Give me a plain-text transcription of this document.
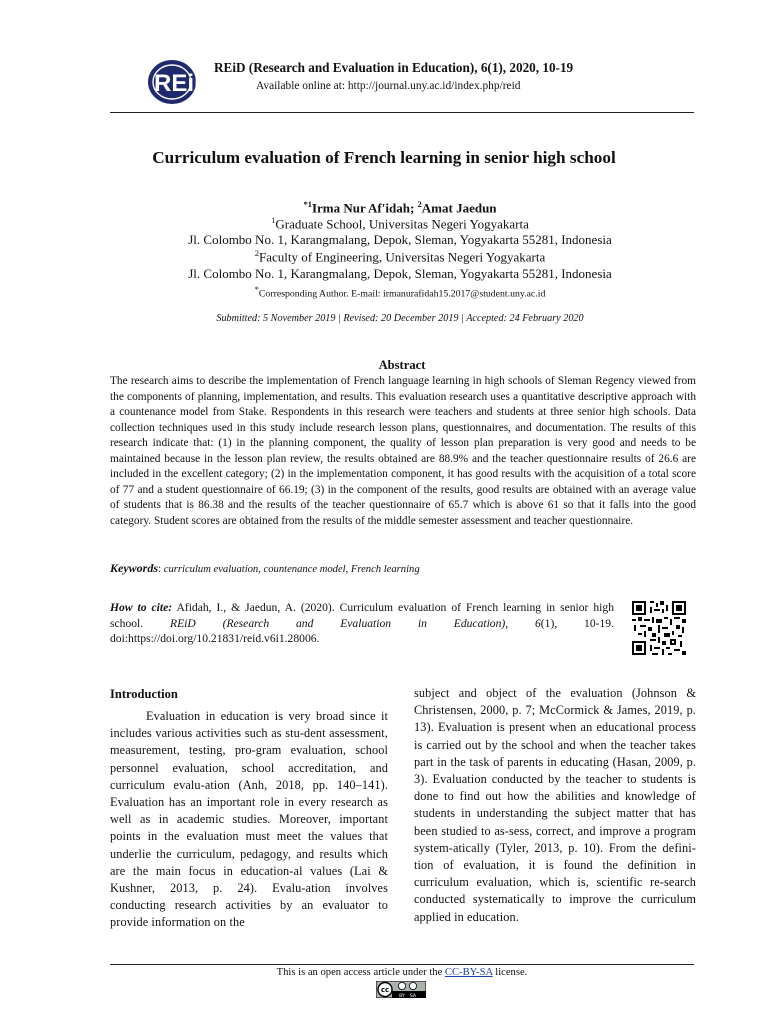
REiD
REiD (Research and Evaluation in Education), 6(1), 2020, 10-19
Available online at: http://journal.uny.ac.id/index.php/reid
Curriculum evaluation of French learning in senior high school
$^{*1}$Irma Nur Af'idah; $^2$Amat Jaedun
$^1$Graduate School, Universitas Negeri Yogyakarta
Jl. Colombo No. 1, Karangmalang, Depok, Sleman, Yogyakarta 55281, Indonesia
$^2$Faculty of Engineering, Universitas Negeri Yogyakarta
Jl. Colombo No. 1, Karangmalang, Depok, Sleman, Yogyakarta 55281, Indonesia
*Corresponding Author. E-mail: irmanurafidah15.2017@student.uny.ac.id
Submitted: 5 November 2019 | Revised: 20 December 2019 | Accepted: 24 February 2020
Abstract
The research aims to describe the implementation of French language learning in high schools of Sleman Regency viewed from the components of planning, implementation, and results. This evaluation research uses a quantitative descriptive approach with a countenance model from Stake. Respondents in this research were teachers and students at three senior high schools. Data collection techniques used in this study include research lesson plans, questionnaires, and documentation. The results of this research indicate that: (1) in the planning component, the quality of lesson plan preparation is very good and needs to be maintained because in the lesson plan review, the results obtained are 88.9% and the teacher questionnaire results of 26.6 are included in the excellent category; (2) in the implementation component, it has good results with the acquisition of a total score of 77 and a student questionnaire of 66.19; (3) in the component of the results, good results are obtained with an average value of students that is 86.38 and the results of the teacher questionnaire of 65.7 which is above 61 so that it falls into the good category. Student scores are obtained from the results of the middle semester assessment and teacher questionnaire.
Keywords: curriculum evaluation, countenance model, French learning
How to cite: Afidah, I., & Jaedun, A. (2020). Curriculum evaluation of French learning in senior high school. REiD (Research and Evaluation in Education), 6(1), 10-19. doi:https://doi.org/10.21831/reid.v6i1.28006.
Introduction

Evaluation in education is very broad since it includes various activities such as stu-dent assessment, measurement, testing, pro-gram evaluation, school personnel evaluation, school accreditation, and curriculum evalu-ation (Anh, 2018, pp. 140–141). Evaluation has an important role in every research as well as in academic studies. Moreover, important points in the evaluation must meet the values that underlie the curriculum, pedagogy, and results which are the main focus in education-al values (Lai & Kushner, 2013, p. 24). Evalu-ation involves conducting research activities by an evaluator to provide information on the

subject and object of the evaluation (Johnson & Christensen, 2000, p. 7; McCormick & James, 2019, p. 13). Evaluation is present when an educational process is carried out by the school and when the teacher takes part in the task of parents in educating (Hasan, 2009, p. 3). Evaluation conducted by the teacher to students is done to find out how the abilities and knowledge of students in understanding the subject matter that has been studied to as-sess, correct, and improve a program system-atically (Tyler, 2013, p. 10). From the defini-tion of evaluation, it is found the definition in curriculum evaluation, which is, scientific re-search conducted systematically to improve the curriculum applied in education.
This is an open access article under the CC-BY-SA license.
cc
BY SA
